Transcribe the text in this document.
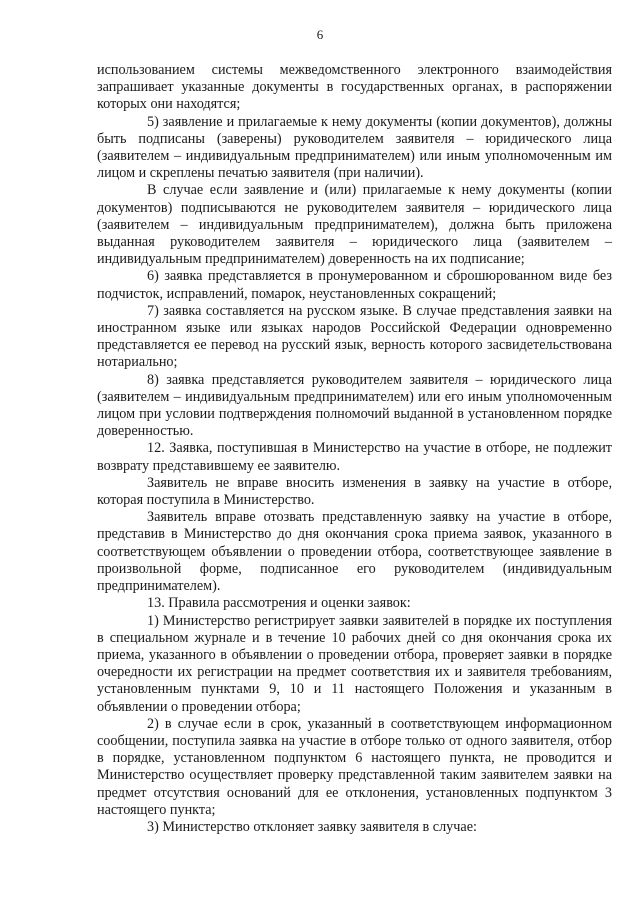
6

использованием системы межведомственного электронного взаимодействия запрашивает указанные документы в государственных органах, в распоряжении которых они находятся;

5) заявление и прилагаемые к нему документы (копии документов), должны быть подписаны (заверены) руководителем заявителя – юридического лица (заявителем – индивидуальным предпринимателем) или иным уполномоченным им лицом и скреплены печатью заявителя (при наличии).

В случае если заявление и (или) прилагаемые к нему документы (копии документов) подписываются не руководителем заявителя – юридического лица (заявителем – индивидуальным предпринимателем), должна быть приложена выданная руководителем заявителя – юридического лица (заявителем – индивидуальным предпринимателем) доверенность на их подписание;

6) заявка представляется в пронумерованном и сброшюрованном виде без подчисток, исправлений, помарок, неустановленных сокращений;

7) заявка составляется на русском языке. В случае представления заявки на иностранном языке или языках народов Российской Федерации одновременно представляется ее перевод на русский язык, верность которого засвидетельствована нотариально;

8) заявка представляется руководителем заявителя – юридического лица (заявителем – индивидуальным предпринимателем) или его иным уполномоченным лицом при условии подтверждения полномочий выданной в установленном порядке доверенностью.

12. Заявка, поступившая в Министерство на участие в отборе, не подлежит возврату представившему ее заявителю.

Заявитель не вправе вносить изменения в заявку на участие в отборе, которая поступила в Министерство.

Заявитель вправе отозвать представленную заявку на участие в отборе, представив в Министерство до дня окончания срока приема заявок, указанного в соответствующем объявлении о проведении отбора, соответствующее заявление в произвольной форме, подписанное его руководителем (индивидуальным предпринимателем).

13. Правила рассмотрения и оценки заявок:

1) Министерство регистрирует заявки заявителей в порядке их поступления в специальном журнале и в течение 10 рабочих дней со дня окончания срока их приема, указанного в объявлении о проведении отбора, проверяет заявки в порядке очередности их регистрации на предмет соответствия их и заявителя требованиям, установленным пунктами 9, 10 и 11 настоящего Положения и указанным в объявлении о проведении отбора;

2) в случае если в срок, указанный в соответствующем информационном сообщении, поступила заявка на участие в отборе только от одного заявителя, отбор в порядке, установленном подпунктом 6 настоящего пункта, не проводится и Министерство осуществляет проверку представленной таким заявителем заявки на предмет отсутствия оснований для ее отклонения, установленных подпунктом 3 настоящего пункта;

3) Министерство отклоняет заявку заявителя в случае:
